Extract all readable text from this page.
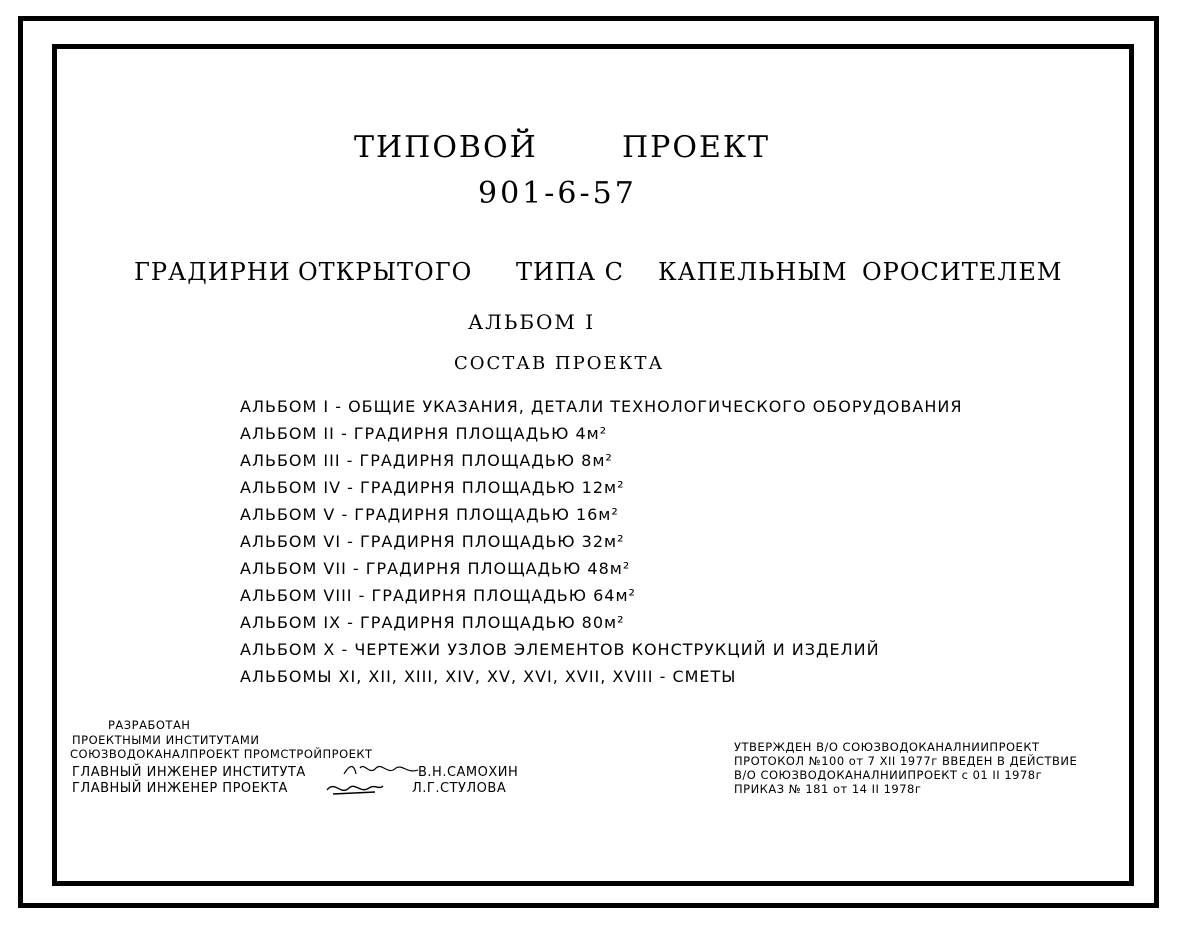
ТИПОВОЙ	ПРОЕКТ
901-6-57
ГРАДИРНИ ОТКРЫТОГО ТИПА С КАПЕЛЬНЫМ ОРОСИТЕЛЕМ
АЛЬБОМ I
СОСТАВ ПРОЕКТА
АЛЬБОМ I - ОБЩИЕ УКАЗАНИЯ, ДЕТАЛИ ТЕХНОЛОГИЧЕСКОГО ОБОРУДОВАНИЯ
АЛЬБОМ II - ГРАДИРНЯ ПЛОЩАДЬЮ 4м²
АЛЬБОМ III - ГРАДИРНЯ ПЛОЩАДЬЮ 8м²
АЛЬБОМ IV - ГРАДИРНЯ ПЛОЩАДЬЮ 12м²
АЛЬБОМ V - ГРАДИРНЯ ПЛОЩАДЬЮ 16м²
АЛЬБОМ VI - ГРАДИРНЯ ПЛОЩАДЬЮ 32м²
АЛЬБОМ VII - ГРАДИРНЯ ПЛОЩАДЬЮ 48м²
АЛЬБОМ VIII - ГРАДИРНЯ ПЛОЩАДЬЮ 64м²
АЛЬБОМ IX - ГРАДИРНЯ ПЛОЩАДЬЮ 80м²
АЛЬБОМ X - ЧЕРТЕЖИ УЗЛОВ ЭЛЕМЕНТОВ КОНСТРУКЦИЙ И ИЗДЕЛИЙ
АЛЬБОМЫ XI, XII, XIII, XIV, XV, XVI, XVII, XVIII - СМЕТЫ
РАЗРАБОТАН
ПРОЕКТНЫМИ ИНСТИТУТАМИ
СОЮЗВОДОКАНАЛПРОЕКТ ПРОМСТРОЙПРОЕКТ
ГЛАВНЫЙ ИНЖЕНЕР ИНСТИТУТА	В.Н.САМОХИН
ГЛАВНЫЙ ИНЖЕНЕР ПРОЕКТА	Л.Г.СТУЛОВА
УТВЕРЖДЕН В/О СОЮЗВОДОКАНАЛНИИПРОЕКТ
ПРОТОКОЛ №100 от 7 XII 1977г ВВЕДЕН В ДЕЙСТВИЕ
В/О СОЮЗВОДОКАНАЛНИИПРОЕКТ с 01 II 1978г
ПРИКАЗ № 181 от 14 II 1978г
